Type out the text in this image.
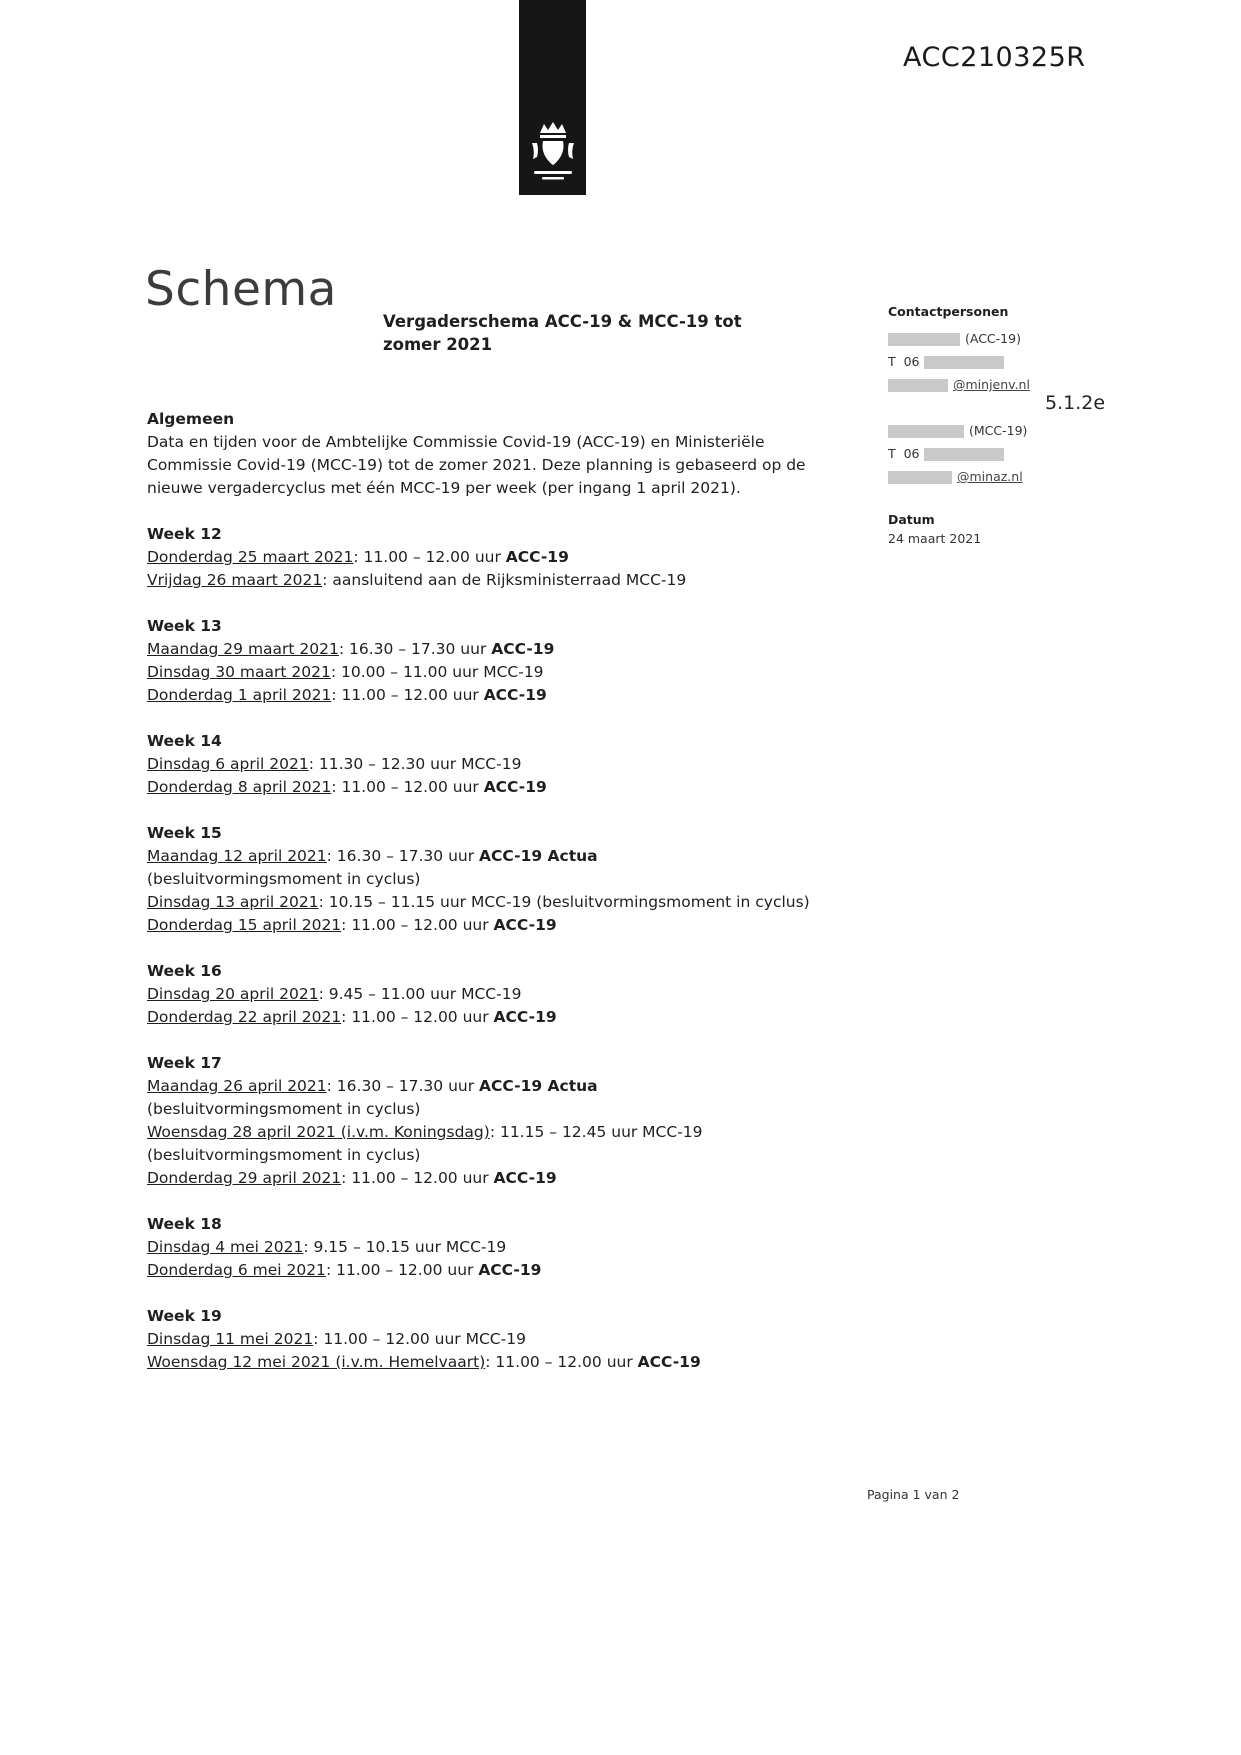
ACC210325R
Schema
Vergaderschema ACC-19 & MCC-19 tot zomer 2021
Contactpersonen
(ACC-19)
T  06
@minjenv.nl
(MCC-19)
T  06
@minaz.nl
5.1.2e
Datum
24 maart 2021
Algemeen

Data en tijden voor de Ambtelijke Commissie Covid-19 (ACC-19) en Ministeriële Commissie Covid-19 (MCC-19) tot de zomer 2021. Deze planning is gebaseerd op de nieuwe vergadercyclus met één MCC-19 per week (per ingang 1 april 2021).

Week 12
Donderdag 25 maart 2021: 11.00 – 12.00 uur ACC-19
Vrijdag 26 maart 2021: aansluitend aan de Rijksministerraad MCC-19
Week 13
Maandag 29 maart 2021: 16.30 – 17.30 uur ACC-19
Dinsdag 30 maart 2021: 10.00 – 11.00 uur MCC-19
Donderdag 1 april 2021: 11.00 – 12.00 uur ACC-19
Week 14
Dinsdag 6 april 2021: 11.30 – 12.30 uur MCC-19
Donderdag 8 april 2021: 11.00 – 12.00 uur ACC-19
Week 15
Maandag 12 april 2021: 16.30 – 17.30 uur ACC-19 Actua
(besluitvormingsmoment in cyclus)
Dinsdag 13 april 2021: 10.15 – 11.15 uur MCC-19 (besluitvormingsmoment in cyclus)
Donderdag 15 april 2021: 11.00 – 12.00 uur ACC-19
Week 16
Dinsdag 20 april 2021: 9.45 – 11.00 uur MCC-19
Donderdag 22 april 2021: 11.00 – 12.00 uur ACC-19
Week 17
Maandag 26 april 2021: 16.30 – 17.30 uur ACC-19 Actua
(besluitvormingsmoment in cyclus)
Woensdag 28 april 2021 (i.v.m. Koningsdag): 11.15 – 12.45 uur MCC-19
(besluitvormingsmoment in cyclus)
Donderdag 29 april 2021: 11.00 – 12.00 uur ACC-19
Week 18
Dinsdag 4 mei 2021: 9.15 – 10.15 uur MCC-19
Donderdag 6 mei 2021: 11.00 – 12.00 uur ACC-19
Week 19
Dinsdag 11 mei 2021: 11.00 – 12.00 uur MCC-19
Woensdag 12 mei 2021 (i.v.m. Hemelvaart): 11.00 – 12.00 uur ACC-19
Pagina 1 van 2
